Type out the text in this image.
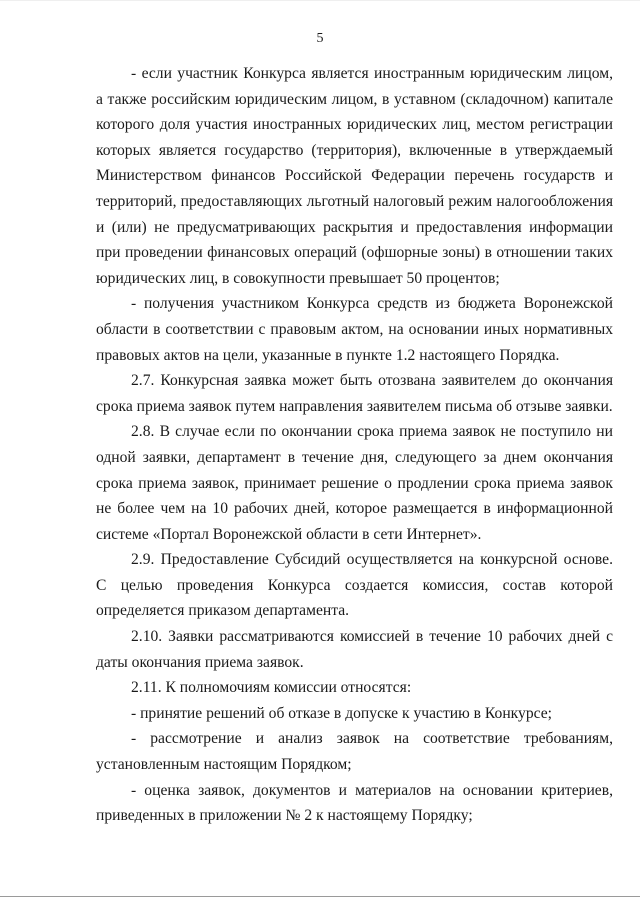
5

- если участник Конкурса является иностранным юридическим лицом, а также российским юридическим лицом, в уставном (складочном) капитале которого доля участия иностранных юридических лиц, местом регистрации которых является государство (территория), включенные в утверждаемый Министерством финансов Российской Федерации перечень государств и территорий, предоставляющих льготный налоговый режим налогообложения и (или) не предусматривающих раскрытия и предоставления информации при проведении финансовых операций (офшорные зоны) в отношении таких юридических лиц, в совокупности превышает 50 процентов;

- получения участником Конкурса средств из бюджета Воронежской области в соответствии с правовым актом, на основании иных нормативных правовых актов на цели, указанные в пункте 1.2 настоящего Порядка.

2.7. Конкурсная заявка может быть отозвана заявителем до окончания срока приема заявок путем направления заявителем письма об отзыве заявки.

2.8. В случае если по окончании срока приема заявок не поступило ни одной заявки, департамент в течение дня, следующего за днем окончания срока приема заявок, принимает решение о продлении срока приема заявок не более чем на 10 рабочих дней, которое размещается в информационной системе «Портал Воронежской области в сети Интернет».

2.9. Предоставление Субсидий осуществляется на конкурсной основе. С целью проведения Конкурса создается комиссия, состав которой определяется приказом департамента.

2.10. Заявки рассматриваются комиссией в течение 10 рабочих дней с даты окончания приема заявок.

2.11. К полномочиям комиссии относятся:

- принятие решений об отказе в допуске к участию в Конкурсе;

- рассмотрение и анализ заявок на соответствие требованиям, установленным настоящим Порядком;

- оценка заявок, документов и материалов на основании критериев, приведенных в приложении № 2 к настоящему Порядку;
